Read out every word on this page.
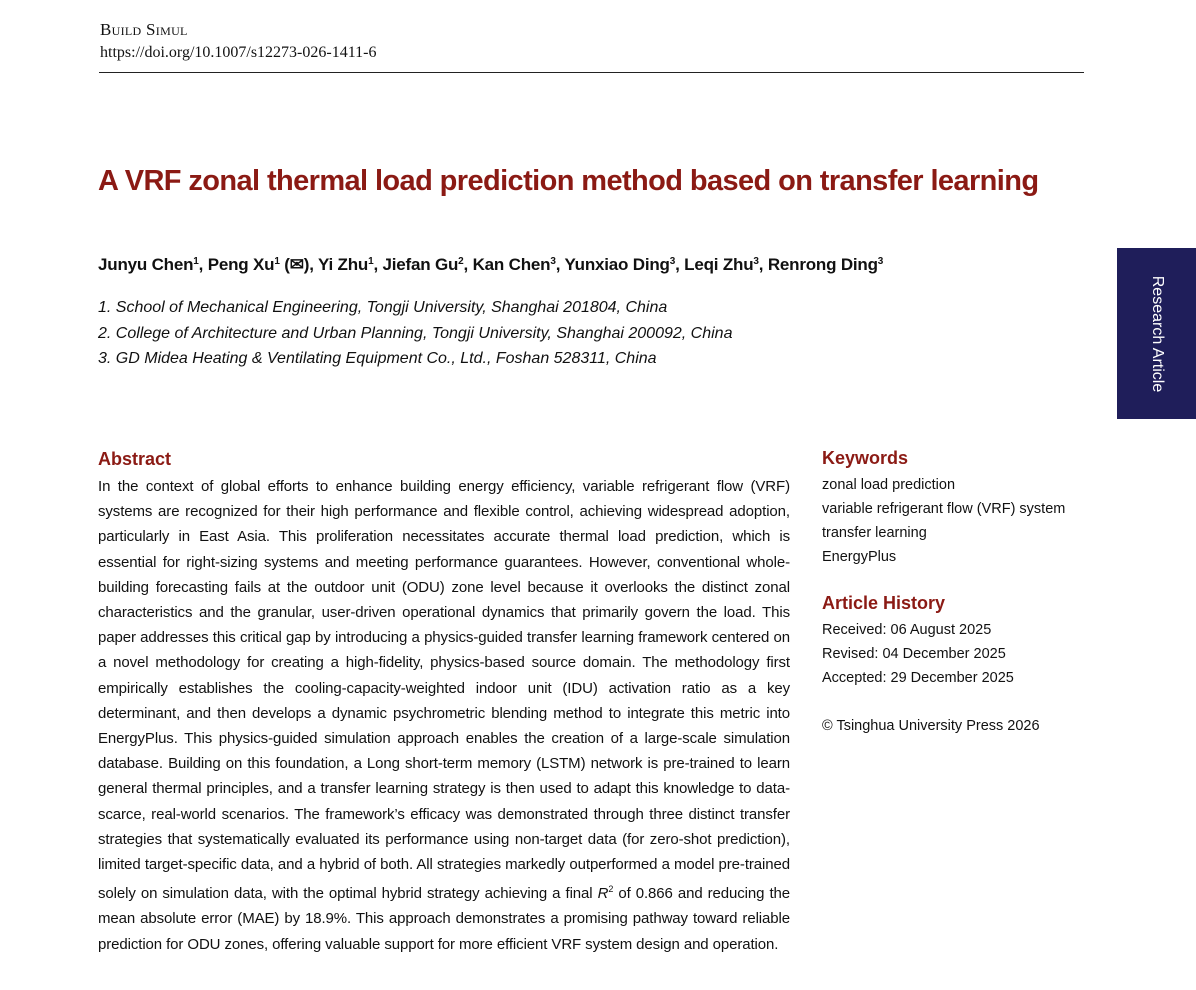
Build Simul
https://doi.org/10.1007/s12273-026-1411-6
A VRF zonal thermal load prediction method based on transfer learning
Junyu Chen$^1$, Peng Xu$^1$ (✉), Yi Zhu$^1$, Jiefan Gu$^2$, Kan Chen$^3$, Yunxiao Ding$^3$, Leqi Zhu$^3$, Renrong Ding$^3$
1. School of Mechanical Engineering, Tongji University, Shanghai 201804, China
2. College of Architecture and Urban Planning, Tongji University, Shanghai 200092, China
3. GD Midea Heating & Ventilating Equipment Co., Ltd., Foshan 528311, China	Research Article
Abstract

In the context of global efforts to enhance building energy efficiency, variable refrigerant flow (VRF) systems are recognized for their high performance and flexible control, achieving widespread adoption, particularly in East Asia. This proliferation necessitates accurate thermal load prediction, which is essential for right-sizing systems and meeting performance guarantees. However, conventional whole-building forecasting fails at the outdoor unit (ODU) zone level because it overlooks the distinct zonal characteristics and the granular, user-driven operational dynamics that primarily govern the load. This paper addresses this critical gap by introducing a physics-guided transfer learning framework centered on a novel methodology for creating a high-fidelity, physics-based source domain. The methodology first empirically establishes the cooling-capacity-weighted indoor unit (IDU) activation ratio as a key determinant, and then develops a dynamic psychrometric blending method to integrate this metric into EnergyPlus. This physics-guided simulation approach enables the creation of a large-scale simulation database. Building on this foundation, a Long short-term memory (LSTM) network is pre-trained to learn general thermal principles, and a transfer learning strategy is then used to adapt this knowledge to data-scarce, real-world scenarios. The framework’s efficacy was demonstrated through three distinct transfer strategies that systematically evaluated its performance using non-target data (for zero-shot prediction), limited target-specific data, and a hybrid of both. All strategies markedly outperformed a model pre-trained solely on simulation data, with the optimal hybrid strategy achieving a final $R^2$ of 0.866 and reducing the mean absolute error (MAE) by 18.9%. This approach demonstrates a promising pathway toward reliable prediction for ODU zones, offering valuable support for more efficient VRF system design and operation.

Keywords
zonal load prediction
variable refrigerant flow (VRF) system
transfer learning
EnergyPlus
Article History
Received: 06 August 2025
Revised: 04 December 2025
Accepted: 29 December 2025
© Tsinghua University Press 2026
